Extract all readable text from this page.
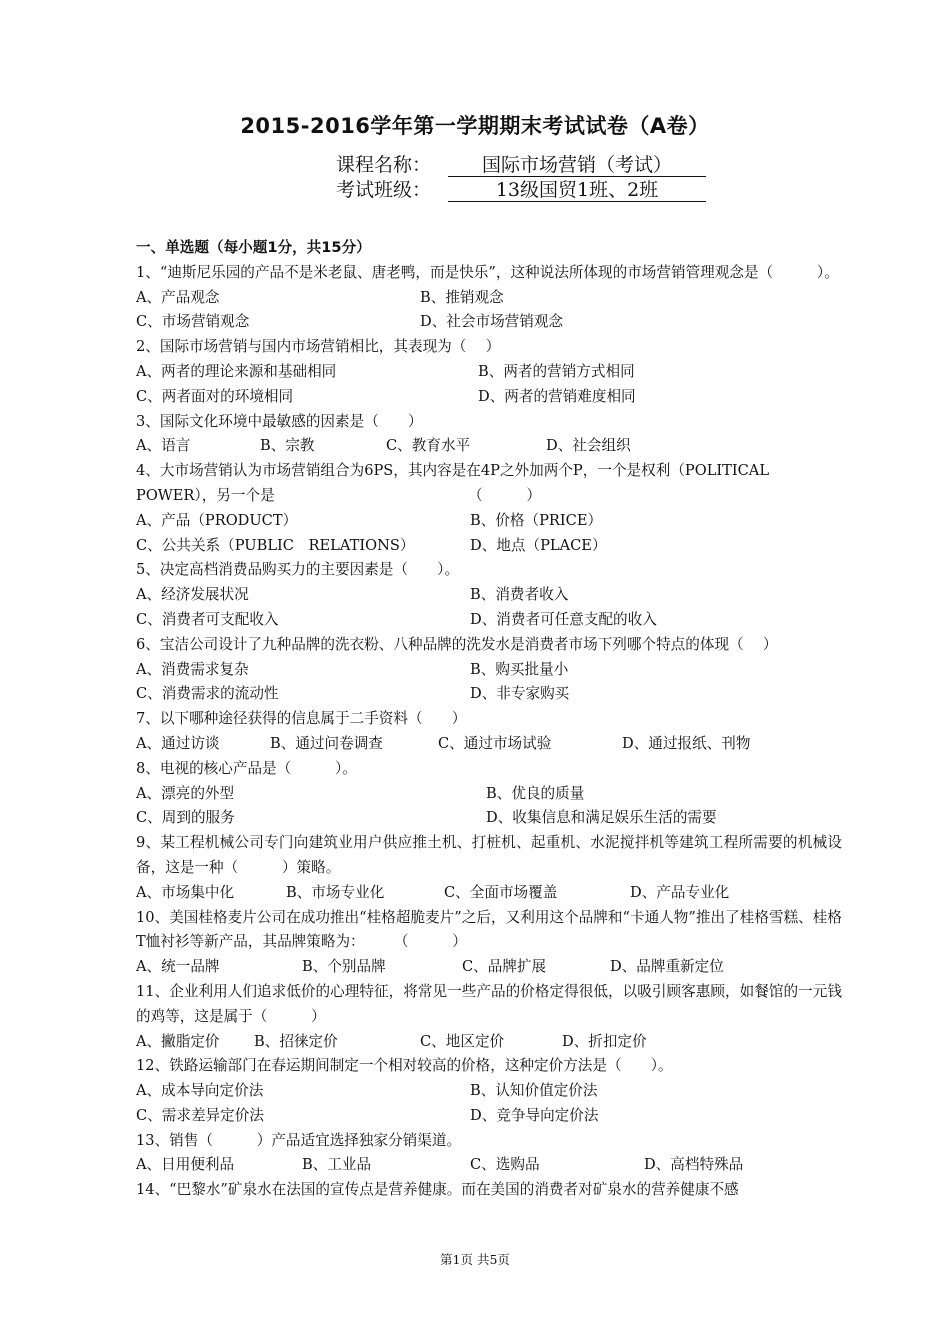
2015-2016学年第一学期期末考试试卷（A卷）
课程名称：	国际市场营销（考试）
考试班级：	13级国贸1班、2班
一、单选题（每小题1分，共15分）
1、“迪斯尼乐园的产品不是米老鼠、唐老鸭，而是快乐”，这种说法所体现的市场营销管理观念是（　　　）。
A、产品观念	B、推销观念
C、市场营销观念	D、社会市场营销观念
2、国际市场营销与国内市场营销相比，其表现为（　 ）
A、两者的理论来源和基础相同	B、两者的营销方式相同
C、两者面对的环境相同	D、两者的营销难度相同
3、国际文化环境中最敏感的因素是（　　）
A、语言	B、宗教	C、教育水平	D、社会组织
4、大市场营销认为市场营销组合为6PS，其内容是在4P之外加两个P，一个是权利（POLITICAL
POWER），另一个是	（　　　）
A、产品（PRODUCT）	B、价格（PRICE）
C、公共关系（PUBLIC　RELATIONS）	D、地点（PLACE）
5、决定高档消费品购买力的主要因素是（　　）。
A、经济发展状况	B、消费者收入
C、消费者可支配收入	D、消费者可任意支配的收入
6、宝洁公司设计了九种品牌的洗衣粉、八种品牌的洗发水是消费者市场下列哪个特点的体现（　 ）
A、消费需求复杂	B、购买批量小
C、消费需求的流动性	D、非专家购买
7、以下哪种途径获得的信息属于二手资料（　　）
A、通过访谈	B、通过问卷调查	C、通过市场试验	D、通过报纸、刊物
8、电视的核心产品是（　　　）。
A、漂亮的外型	B、优良的质量
C、周到的服务	D、收集信息和满足娱乐生活的需要
9、某工程机械公司专门向建筑业用户供应推土机、打桩机、起重机、水泥搅拌机等建筑工程所需要的机械设备，这是一种（　　　）策略。
A、市场集中化	B、市场专业化	C、全面市场覆盖	D、产品专业化
10、美国桂格麦片公司在成功推出“桂格超脆麦片”之后，又利用这个品牌和“卡通人物”推出了桂格雪糕、桂格T恤衬衫等新产品，其品牌策略为：　　　（　　　）
A、统一品牌	B、个别品牌	C、品牌扩展	D、品牌重新定位
11、企业利用人们追求低价的心理特征，将常见一些产品的价格定得很低，以吸引顾客惠顾，如餐馆的一元钱的鸡等，这是属于（　　　）
A、撇脂定价 B、招徕定价	C、地区定价	D、折扣定价
12、铁路运输部门在春运期间制定一个相对较高的价格，这种定价方法是（　　）。
A、成本导向定价法	B、认知价值定价法
C、需求差异定价法	D、竞争导向定价法
13、销售（　　　）产品适宜选择独家分销渠道。
A、日用便利品	B、工业品	C、选购品	D、高档特殊品
14、“巴黎水”矿泉水在法国的宣传点是营养健康。而在美国的消费者对矿泉水的营养健康不感
第1页 共5页
